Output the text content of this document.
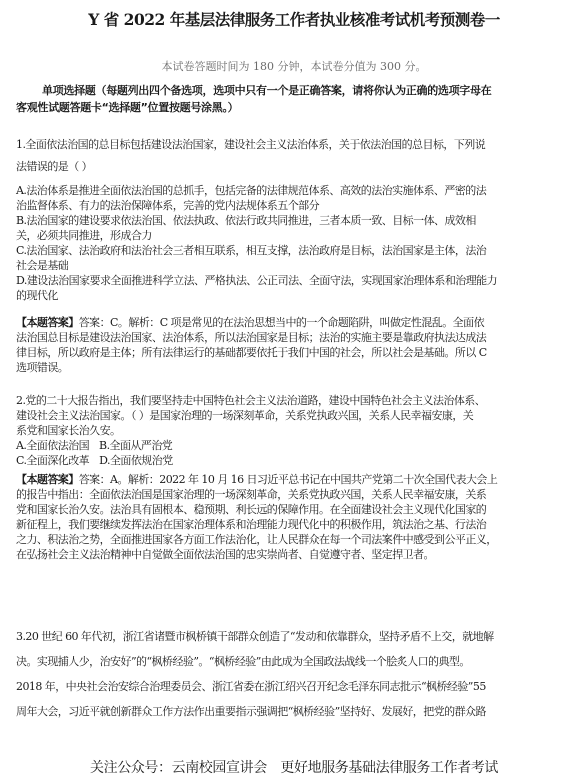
Y 省 2022 年基层法律服务工作者执业核准考试机考预测卷一
本试卷答题时间为 180 分钟，本试卷分值为 300 分。
单项选择题（每题列出四个备选项，选项中只有一个是正确答案，请将你认为正确的选项字母在
客观性试题答题卡“选择题”位置按题号涂黑。）
1.全面依法治国的总目标包括建设法治国家，建设社会主义法治体系，关于依法治国的总目标，下列说
法错误的是（ ）
A.法治体系是推进全面依法治国的总抓手，包括完备的法律规范体系、高效的法治实施体系、严密的法
治监督体系、有力的法治保障体系，完善的党内法规体系五个部分
B.法治国家的建设要求依法治国、依法执政、依法行政共同推进，三者本质一致、目标一体、成效相
关，必须共同推进，形成合力
C.法治国家、法治政府和法治社会三者相互联系，相互支撑，法治政府是目标，法治国家是主体，法治
社会是基础
D.建设法治国家要求全面推进科学立法、严格执法、公正司法、全面守法，实现国家治理体系和治理能力
的现代化
【本题答案】答案：C。解析：C 项是常见的在法治思想当中的一个命题陷阱，叫做定性混乱。全面依
法治国总目标是建设法治国家、法治体系，所以法治国家是目标；法治的实施主要是靠政府执法达成法
律目标，所以政府是主体；所有法律运行的基础都要依托于我们中国的社会，所以社会是基础。所以 C
选项错误。
2.党的二十大报告指出，我们要坚持走中国特色社会主义法治道路，建设中国特色社会主义法治体系、
建设社会主义法治国家。（ ）是国家治理的一场深刻革命，关系党执政兴国，关系人民幸福安康，关
系党和国家长治久安。
A.全面依法治国 B.全面从严治党
C.全面深化改革 D.全面依规治党
【本题答案】答案：A。解析：2022 年 10 月 16 日习近平总书记在中国共产党第二十次全国代表大会上
的报告中指出：全面依法治国是国家治理的一场深刻革命，关系党执政兴国，关系人民幸福安康，关系
党和国家长治久安。法治具有固根本、稳预期、利长远的保障作用。在全面建设社会主义现代化国家的
新征程上，我们要继续发挥法治在国家治理体系和治理能力现代化中的积极作用，筑法治之基、行法治
之力、积法治之势，全面推进国家各方面工作法治化，让人民群众在每一个司法案件中感受到公平正义，
在弘扬社会主义法治精神中自觉做全面依法治国的忠实崇尚者、自觉遵守者、坚定捍卫者。
3.20 世纪 60 年代初，浙江省诸暨市枫桥镇干部群众创造了“发动和依靠群众，坚持矛盾不上交，就地解
决。实现捕人少，治安好”的“枫桥经验”。“枫桥经验”由此成为全国政法战线一个脍炙人口的典型。
2018 年，中央社会治安综合治理委员会、浙江省委在浙江绍兴召开纪念毛泽东同志批示“枫桥经验”55
周年大会，习近平就创新群众工作方法作出重要指示强调把“枫桥经验”坚持好、发展好，把党的群众路
关注公众号：云南校园宣讲会　更好地服务基础法律服务工作者考试
